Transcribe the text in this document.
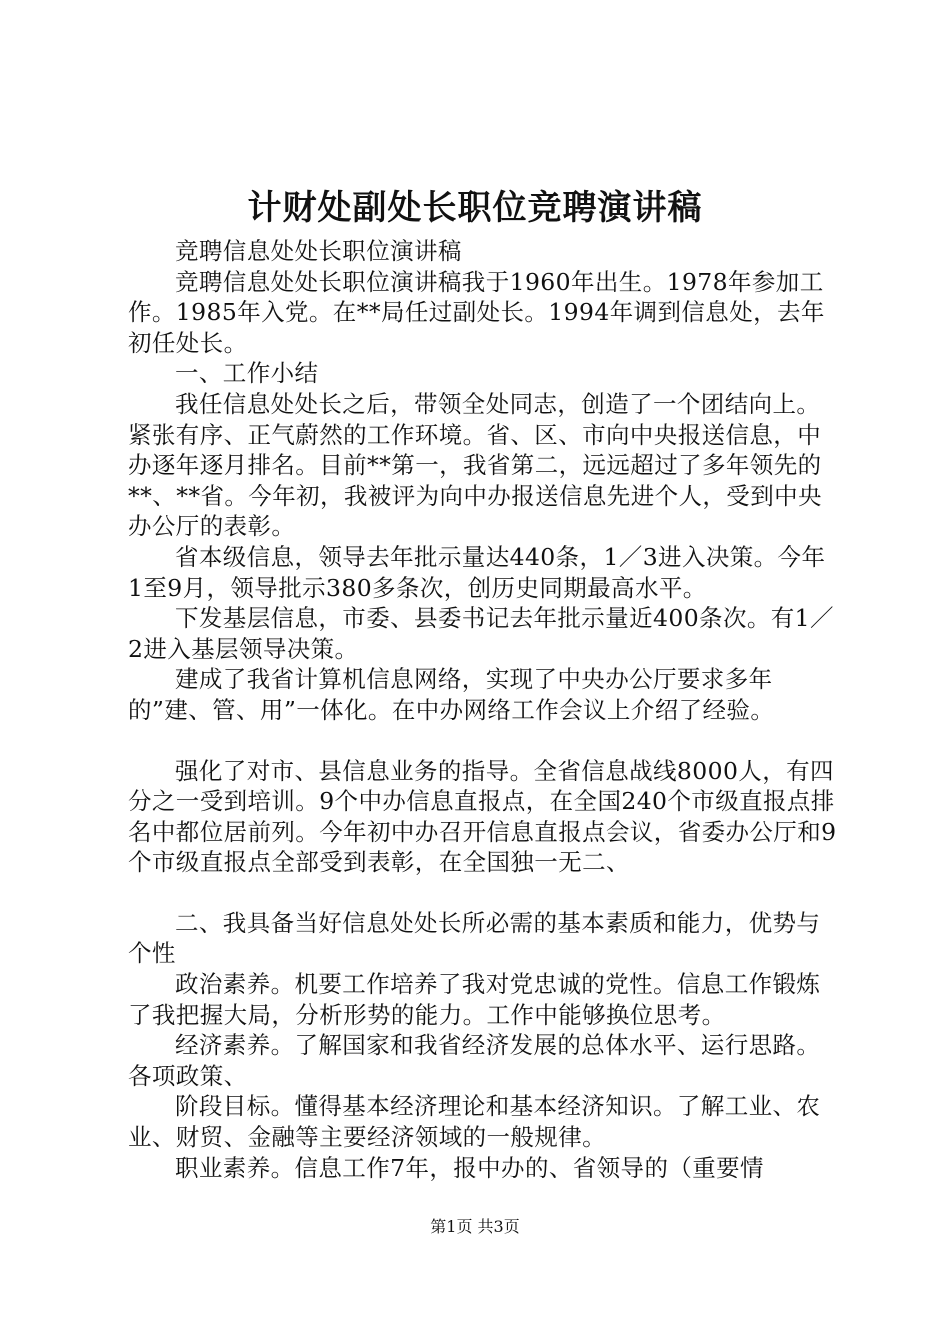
计财处副处长职位竞聘演讲稿

竞聘信息处处长职位演讲稿

竞聘信息处处长职位演讲稿我于1960年出生。1978年参加工作。1985年入党。在**局任过副处长。1994年调到信息处，去年初任处长。

一、工作小结

我任信息处处长之后，带领全处同志，创造了一个团结向上。紧张有序、正气蔚然的工作环境。省、区、市向中央报送信息，中办逐年逐月排名。目前**第一，我省第二，远远超过了多年领先的**、**省。今年初，我被评为向中办报送信息先进个人，受到中央办公厅的表彰。

省本级信息，领导去年批示量达440条，1／3进入决策。今年1至9月，领导批示380多条次，创历史同期最高水平。

下发基层信息，市委、县委书记去年批示量近400条次。有1／2进入基层领导决策。

建成了我省计算机信息网络，实现了中央办公厅要求多年的”建、管、用”一体化。在中办网络工作会议上介绍了经验。

强化了对市、县信息业务的指导。全省信息战线8000人，有四分之一受到培训。9个中办信息直报点，在全国240个市级直报点排名中都位居前列。今年初中办召开信息直报点会议，省委办公厅和9个市级直报点全部受到表彰，在全国独一无二、

二、我具备当好信息处处长所必需的基本素质和能力，优势与个性

政治素养。机要工作培养了我对党忠诚的党性。信息工作锻炼了我把握大局，分析形势的能力。工作中能够换位思考。

经济素养。了解国家和我省经济发展的总体水平、运行思路。各项政策、

阶段目标。懂得基本经济理论和基本经济知识。了解工业、农业、财贸、金融等主要经济领域的一般规律。

职业素养。信息工作7年，报中办的、省领导的（重要情

第1页 共3页
